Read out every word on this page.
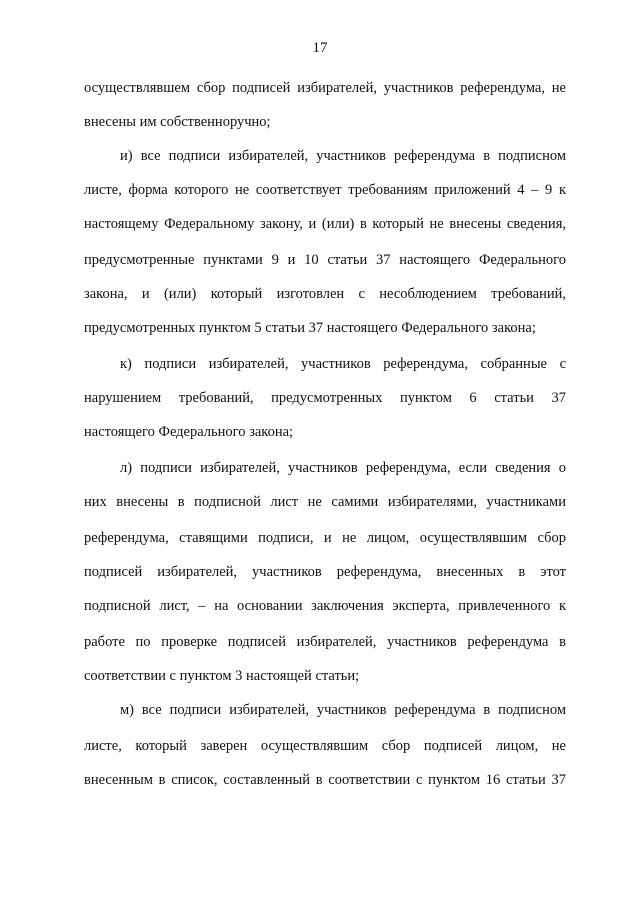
17
осуществлявшем сбор подписей избирателей, участников референдума, не
внесены им собственноручно;
и) все подписи избирателей, участников референдума в подписном
листе, форма которого не соответствует требованиям приложений 4 – 9 к
настоящему Федеральному закону, и (или) в который не внесены сведения,
предусмотренные пунктами 9 и 10 статьи 37 настоящего Федерального
закона, и (или) который изготовлен с несоблюдением требований,
предусмотренных пунктом 5 статьи 37 настоящего Федерального закона;
к) подписи избирателей, участников референдума, собранные с
нарушением требований, предусмотренных пунктом 6 статьи 37
настоящего Федерального закона;
л) подписи избирателей, участников референдума, если сведения о
них внесены в подписной лист не самими избирателями, участниками
референдума, ставящими подписи, и не лицом, осуществлявшим сбор
подписей избирателей, участников референдума, внесенных в этот
подписной лист, – на основании заключения эксперта, привлеченного к
работе по проверке подписей избирателей, участников референдума в
соответствии с пунктом 3 настоящей статьи;
м) все подписи избирателей, участников референдума в подписном
листе, который заверен осуществлявшим сбор подписей лицом, не
внесенным в список, составленный в соответствии с пунктом 16 статьи 37
